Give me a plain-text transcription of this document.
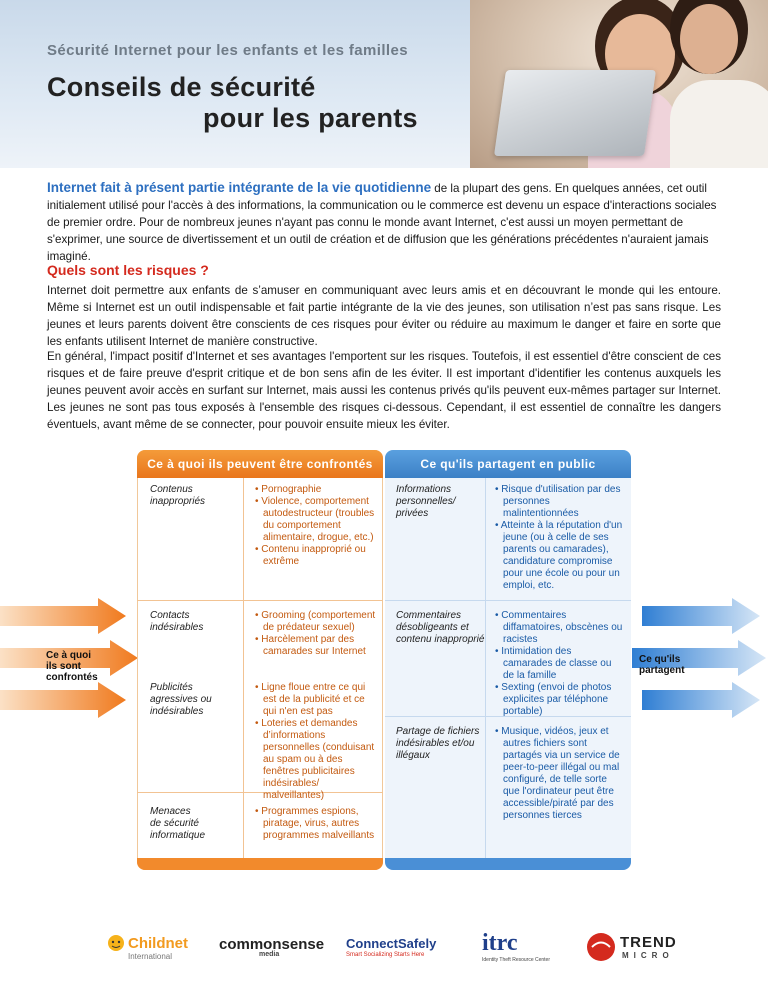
Sécurité Internet pour les enfants et les familles
Conseils de sécurité
pour les parents
Internet fait à présent partie intégrante de la vie quotidienne de la plupart des gens. En quelques années, cet outil initialement utilisé pour l'accès à des informations, la communication ou le commerce est devenu un espace d'interactions sociales de premier ordre. Pour de nombreux jeunes n'ayant pas connu le monde avant Internet, c'est aussi un moyen permettant de s'exprimer, une source de divertissement et un outil de création et de diffusion que les générations précédentes n'auraient jamais imaginé.
Quels sont les risques ?
Internet doit permettre aux enfants de s’amuser en communiquant avec leurs amis et en découvrant le monde qui les entoure. Même si Internet est un outil indispensable et fait partie intégrante de la vie des jeunes, son utilisation n’est pas sans risque. Les jeunes et leurs parents doivent être conscients de ces risques pour éviter ou réduire au maximum le danger et faire en sorte que les enfants utilisent Internet de manière constructive.
En général, l'impact positif d'Internet et ses avantages l'emportent sur les risques. Toutefois, il est essentiel d'être conscient de ces risques et de faire preuve d'esprit critique et de bon sens afin de les éviter. Il est important d'identifier les contenus auxquels les jeunes peuvent avoir accès en surfant sur Internet, mais aussi les contenus privés qu'ils peuvent eux-mêmes partager sur Internet. Les jeunes ne sont pas tous exposés à l'ensemble des risques ci-dessous. Cependant, il est essentiel de connaître les dangers éventuels, avant même de se connecter, pour pouvoir ensuite mieux les éviter.
Ce à quoi
ils sont
confrontés
Ce qu'ils
partagent
Ce à quoi ils peuvent être confrontés
Contenus
inappropriés
• Pornographie
• Violence, comportement autodestructeur (troubles du comportement alimentaire, drogue, etc.)
• Contenu inapproprié ou extrême
Contacts
indésirables
• Grooming (comportement de prédateur sexuel)
• Harcèlement par des camarades sur Internet
Publicités
agressives ou
indésirables
• Ligne floue entre ce qui est de la publicité et ce qui n'en est pas
• Loteries et demandes d’informations personnelles (conduisant au spam ou à des fenêtres publicitaires indésirables/ malveillantes)
Menaces
de sécurité
informatique
• Programmes espions, piratage, virus, autres programmes malveillants
Ce qu'ils partagent en public
Informations
personnelles/
privées
• Risque d'utilisation par des personnes malintentionnées
• Atteinte à la réputation d'un jeune (ou à celle de ses parents ou camarades), candidature compromise pour une école ou pour un emploi, etc.
Commentaires
désobligeants et
contenu inapproprié
• Commentaires diffamatoires, obscènes ou racistes
• Intimidation des camarades de classe ou de la famille
• Sexting (envoi de photos explicites par téléphone portable)
Partage de fichiers
indésirables et/ou
illégaux
• Musique, vidéos, jeux et autres fichiers sont partagés via un service de peer-to-peer illégal ou mal configuré, de telle sorte que l'ordinateur peut être accessible/piraté par des personnes tierces
Childnet
International
commonsense
media
ConnectSafely
Smart Socializing Starts Here	itrc
Identity Theft Resource Center
TREND
MICRO
